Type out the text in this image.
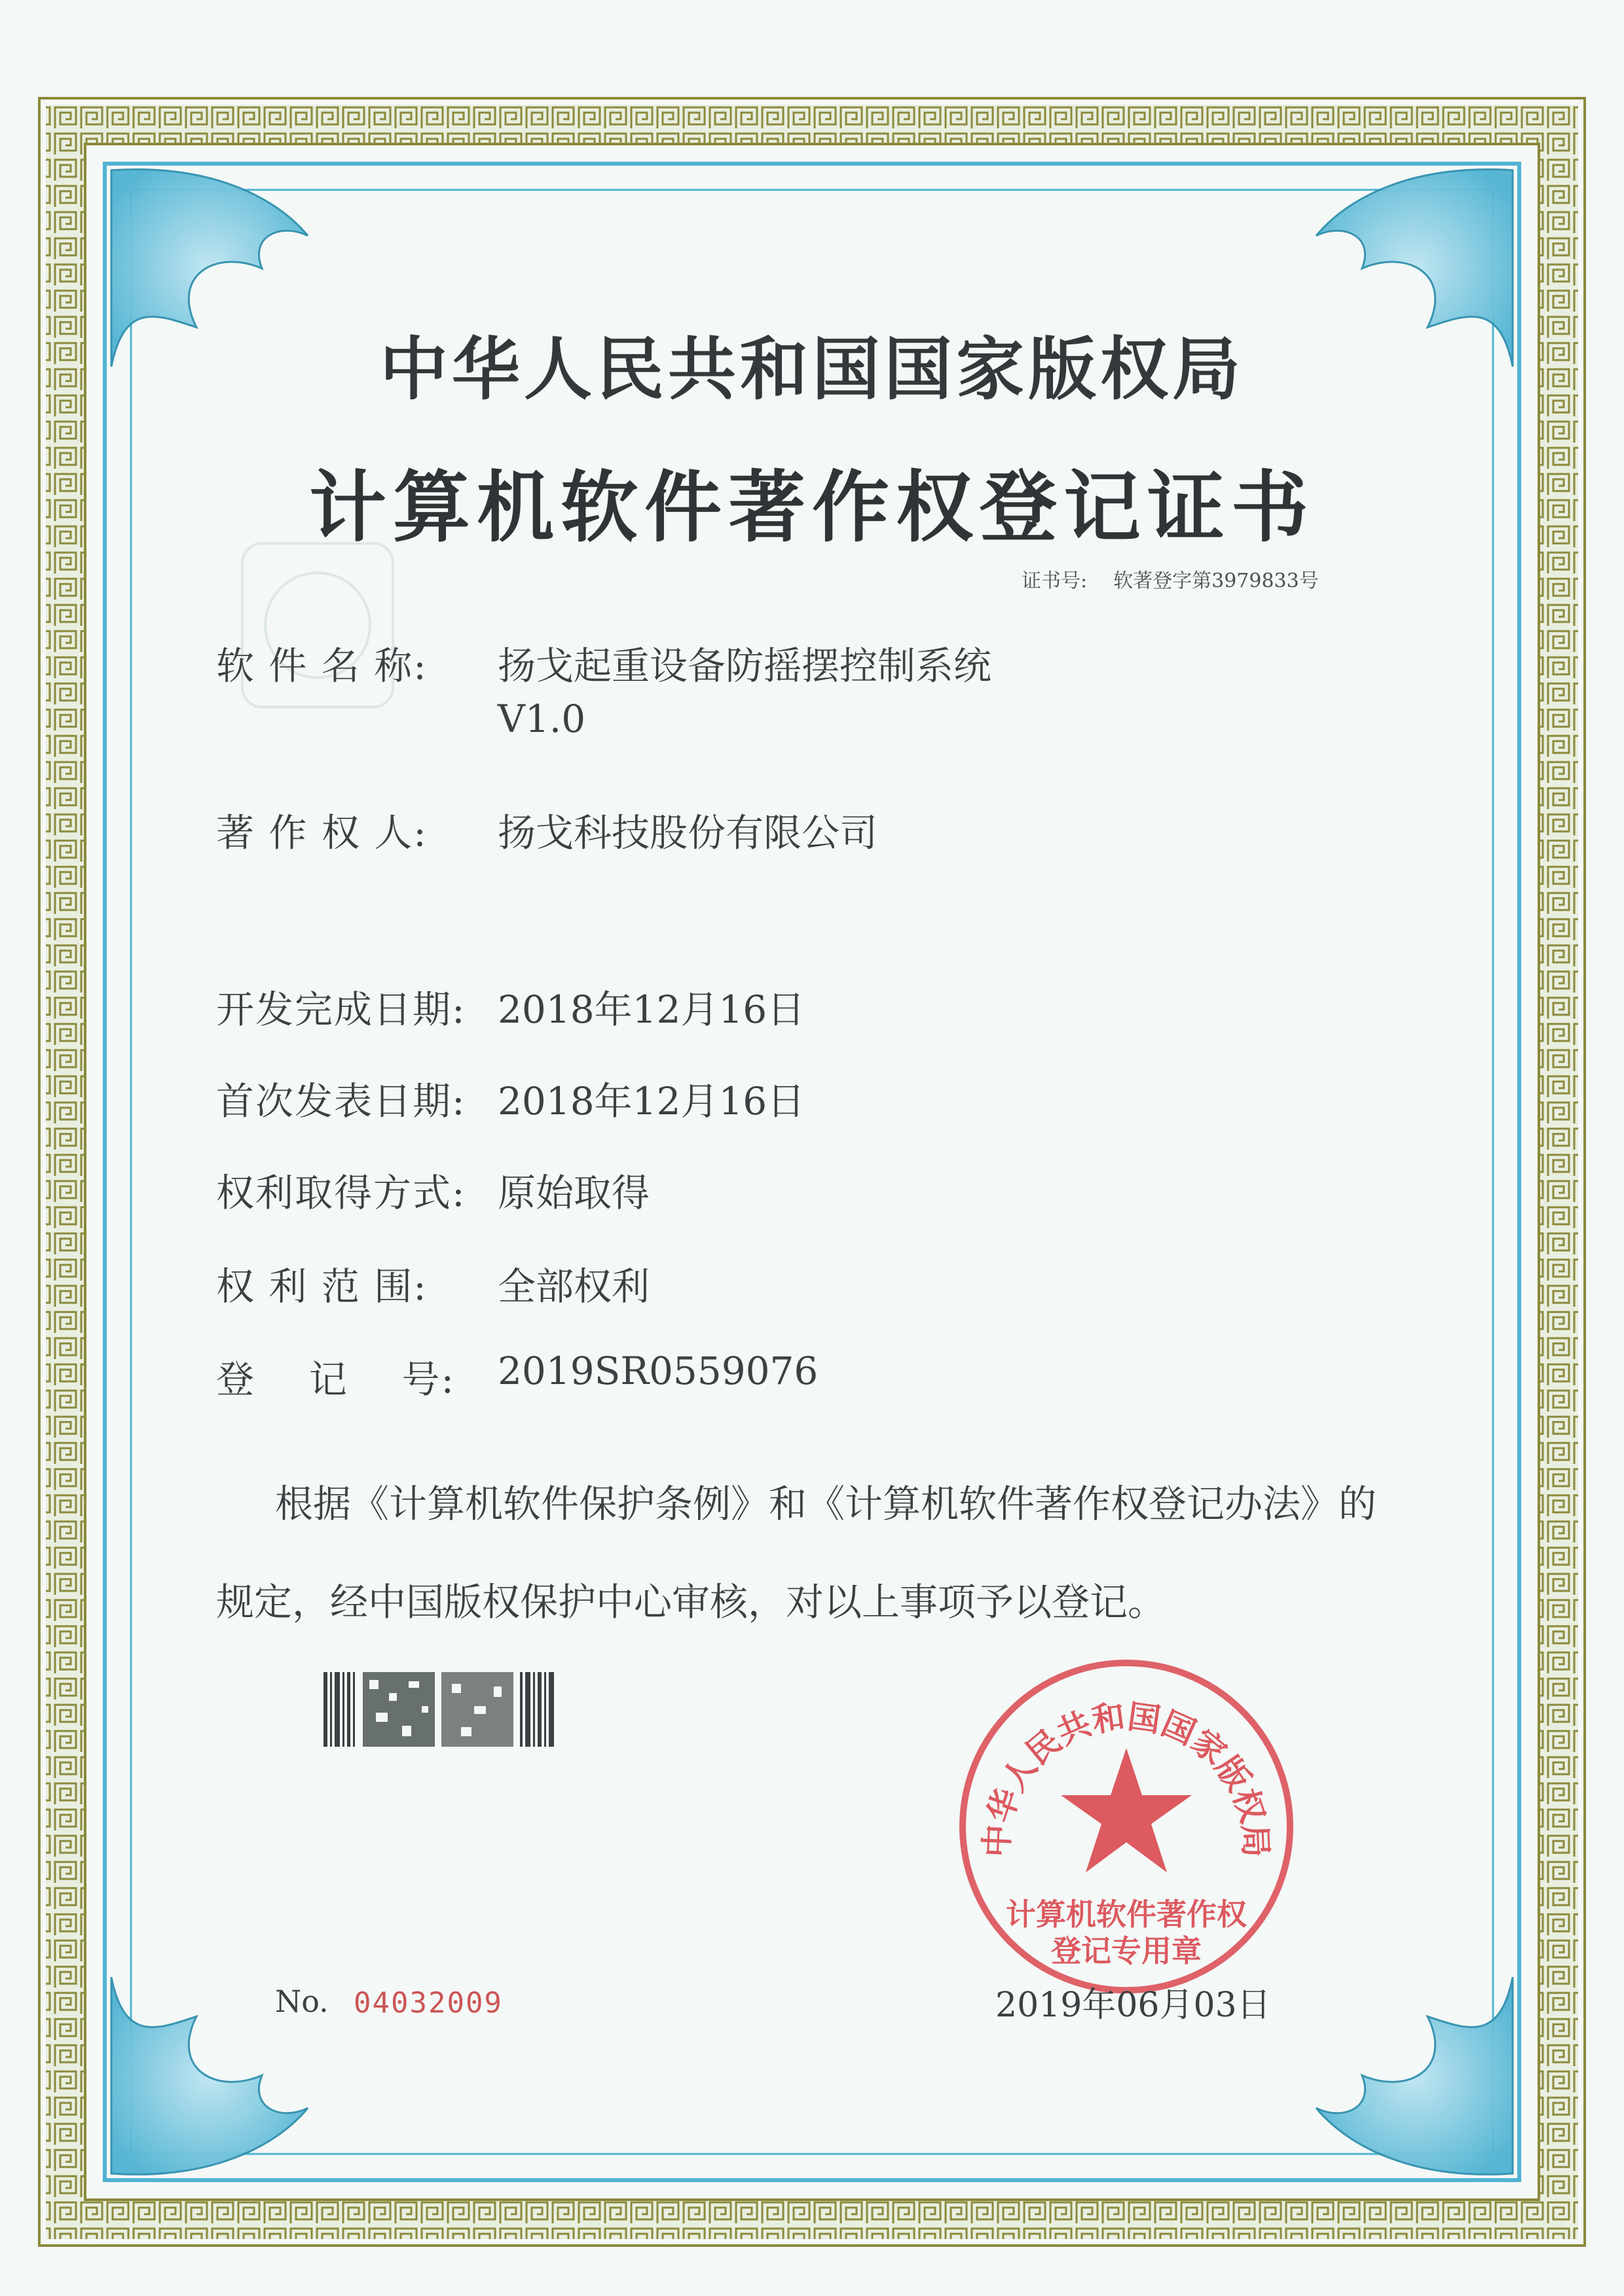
中华人民共和国国家版权局
计算机软件著作权登记证书
证书号: 软著登字第3979833号
软 件 名 称: 扬戈起重设备防摇摆控制系统
V1.0
著 作 权 人: 扬戈科技股份有限公司
开发完成日期: 2018年12月16日
首次发表日期: 2018年12月16日
权利取得方式: 原始取得
权 利 范 围: 全部权利
登    记    号: 2019SR0559076
根据《计算机软件保护条例》和《计算机软件著作权登记办法》的
规定，经中国版权保护中心审核，对以上事项予以登记。
中华人民共和国国家版权局
计算机软件著作权
登记专用章
No. 04032009	2019年06月03日
